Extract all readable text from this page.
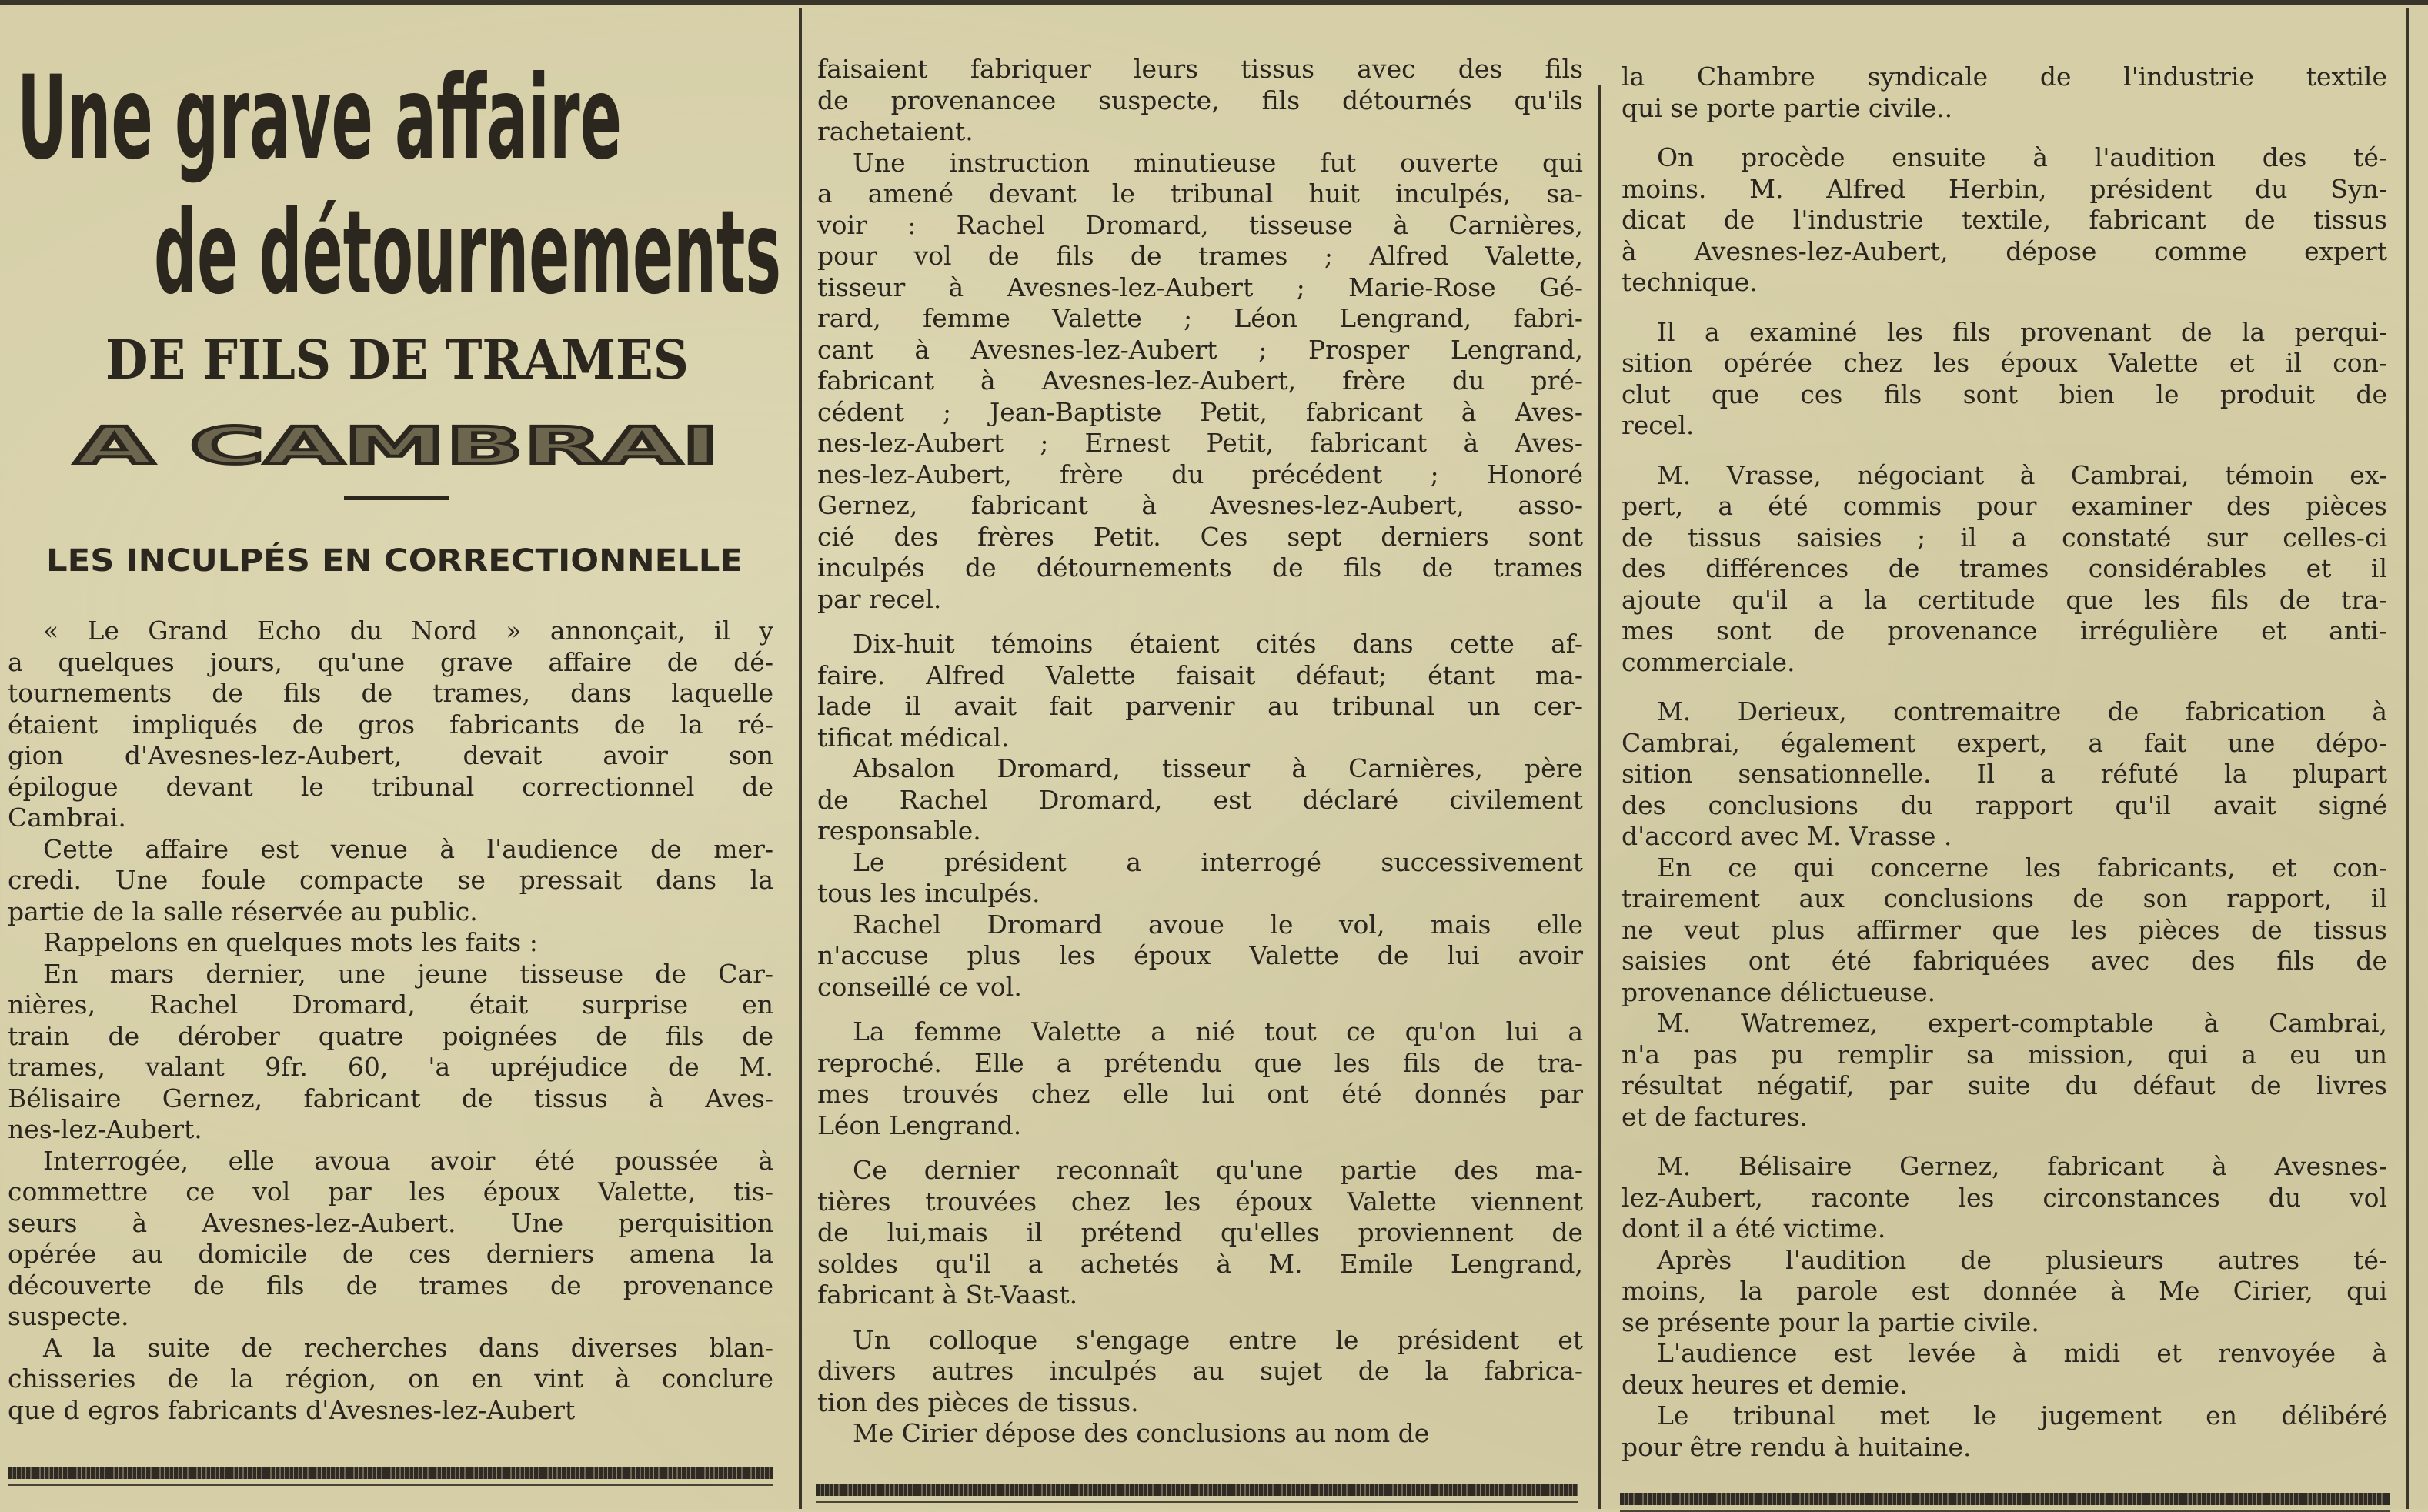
Une grave affaire
de détournements
DE FILS DE TRAMES
A CAMBRAI
LES INCULPÉS EN CORRECTIONNELLE
« Le Grand Echo du Nord » annonçait, il y
a quelques jours, qu'une grave affaire de dé-
tournements de fils de trames, dans laquelle
étaient impliqués de gros fabricants de la ré-
gion d'Avesnes-lez-Aubert, devait avoir son
épilogue devant le tribunal correctionnel de
Cambrai.
Cette affaire est venue à l'audience de mer-
credi. Une foule compacte se pressait dans la
partie de la salle réservée au public.
Rappelons en quelques mots les faits :
En mars dernier, une jeune tisseuse de Car-
nières, Rachel Dromard, était surprise en
train de dérober quatre poignées de fils de
trames, valant 9fr. 60, 'a upréjudice de M.
Bélisaire Gernez, fabricant de tissus à Aves-
nes-lez-Aubert.
Interrogée, elle avoua avoir été poussée à
commettre ce vol par les époux Valette, tis-
seurs à Avesnes-lez-Aubert. Une perquisition
opérée au domicile de ces derniers amena la
découverte de fils de trames de provenance
suspecte.
A la suite de recherches dans diverses blan-
chisseries de la région, on en vint à conclure
que d egros fabricants d'Avesnes-lez-Aubert
faisaient fabriquer leurs tissus avec des fils
de provenancee suspecte, fils détournés qu'ils
rachetaient.
Une instruction minutieuse fut ouverte qui
a amené devant le tribunal huit inculpés, sa-
voir : Rachel Dromard, tisseuse à Carnières,
pour vol de fils de trames ; Alfred Valette,
tisseur à Avesnes-lez-Aubert ; Marie-Rose Gé-
rard, femme Valette ; Léon Lengrand, fabri-
cant à Avesnes-lez-Aubert ; Prosper Lengrand,
fabricant à Avesnes-lez-Aubert, frère du pré-
cédent ; Jean-Baptiste Petit, fabricant à Aves-
nes-lez-Aubert ; Ernest Petit, fabricant à Aves-
nes-lez-Aubert, frère du précédent ; Honoré
Gernez, fabricant à Avesnes-lez-Aubert, asso-
cié des frères Petit. Ces sept derniers sont
inculpés de détournements de fils de trames
par recel.
Dix-huit témoins étaient cités dans cette af-
faire. Alfred Valette faisait défaut; étant ma-
lade il avait fait parvenir au tribunal un cer-
tificat médical.
Absalon Dromard, tisseur à Carnières, père
de Rachel Dromard, est déclaré civilement
responsable.
Le président a interrogé successivement
tous les inculpés.
Rachel Dromard avoue le vol, mais elle
n'accuse plus les époux Valette de lui avoir
conseillé ce vol.
La femme Valette a nié tout ce qu'on lui a
reproché. Elle a prétendu que les fils de tra-
mes trouvés chez elle lui ont été donnés par
Léon Lengrand.
Ce dernier reconnaît qu'une partie des ma-
tières trouvées chez les époux Valette viennent
de lui,mais il prétend qu'elles proviennent de
soldes qu'il a achetés à M. Emile Lengrand,
fabricant à St-Vaast.
Un colloque s'engage entre le président et
divers autres inculpés au sujet de la fabrica-
tion des pièces de tissus.
Me Cirier dépose des conclusions au nom de
la Chambre syndicale de l'industrie textile
qui se porte partie civile..
On procède ensuite à l'audition des té-
moins. M. Alfred Herbin, président du Syn-
dicat de l'industrie textile, fabricant de tissus
à Avesnes-lez-Aubert, dépose comme expert
technique.
Il a examiné les fils provenant de la perqui-
sition opérée chez les époux Valette et il con-
clut que ces fils sont bien le produit de
recel.
M. Vrasse, négociant à Cambrai, témoin ex-
pert, a été commis pour examiner des pièces
de tissus saisies ; il a constaté sur celles-ci
des différences de trames considérables et il
ajoute qu'il a la certitude que les fils de tra-
mes sont de provenance irrégulière et anti-
commerciale.
M. Derieux, contremaitre de fabrication à
Cambrai, également expert, a fait une dépo-
sition sensationnelle. Il a réfuté la plupart
des conclusions du rapport qu'il avait signé
d'accord avec M. Vrasse .
En ce qui concerne les fabricants, et con-
trairement aux conclusions de son rapport, il
ne veut plus affirmer que les pièces de tissus
saisies ont été fabriquées avec des fils de
provenance délictueuse.
M. Watremez, expert-comptable à Cambrai,
n'a pas pu remplir sa mission, qui a eu un
résultat négatif, par suite du défaut de livres
et de factures.
M. Bélisaire Gernez, fabricant à Avesnes-
lez-Aubert, raconte les circonstances du vol
dont il a été victime.
Après l'audition de plusieurs autres té-
moins, la parole est donnée à Me Cirier, qui
se présente pour la partie civile.
L'audience est levée à midi et renvoyée à
deux heures et demie.
Le tribunal met le jugement en délibéré
pour être rendu à huitaine.
